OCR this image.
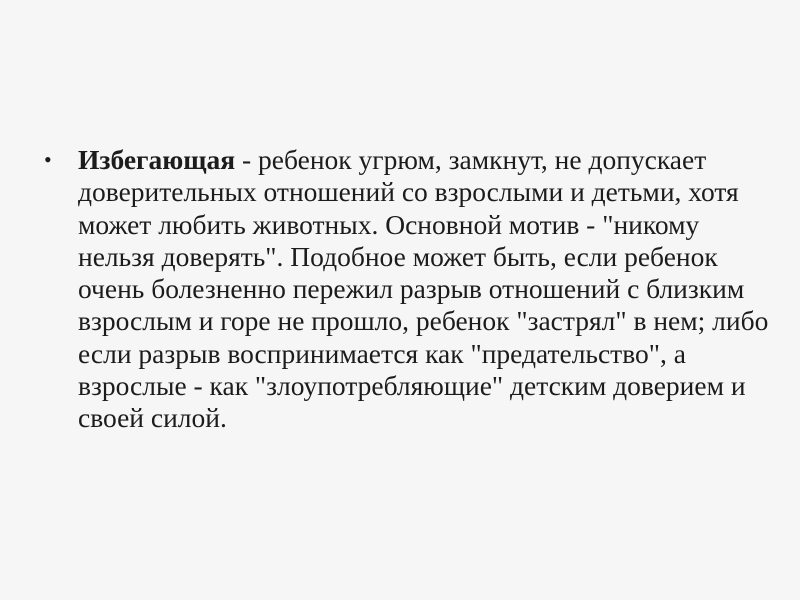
• Избегающая - ребенок угрюм, замкнут, не допускает доверительных отношений со взрослыми и детьми, хотя может любить животных. Основной мотив - "никому нельзя доверять". Подобное может быть, если ребенок очень болезненно пережил разрыв отношений с близким взрослым и горе не прошло, ребенок "застрял" в нем; либо если разрыв воспринимается как "предательство", а взрослые - как "злоупотребляющие" детским доверием и своей силой.
